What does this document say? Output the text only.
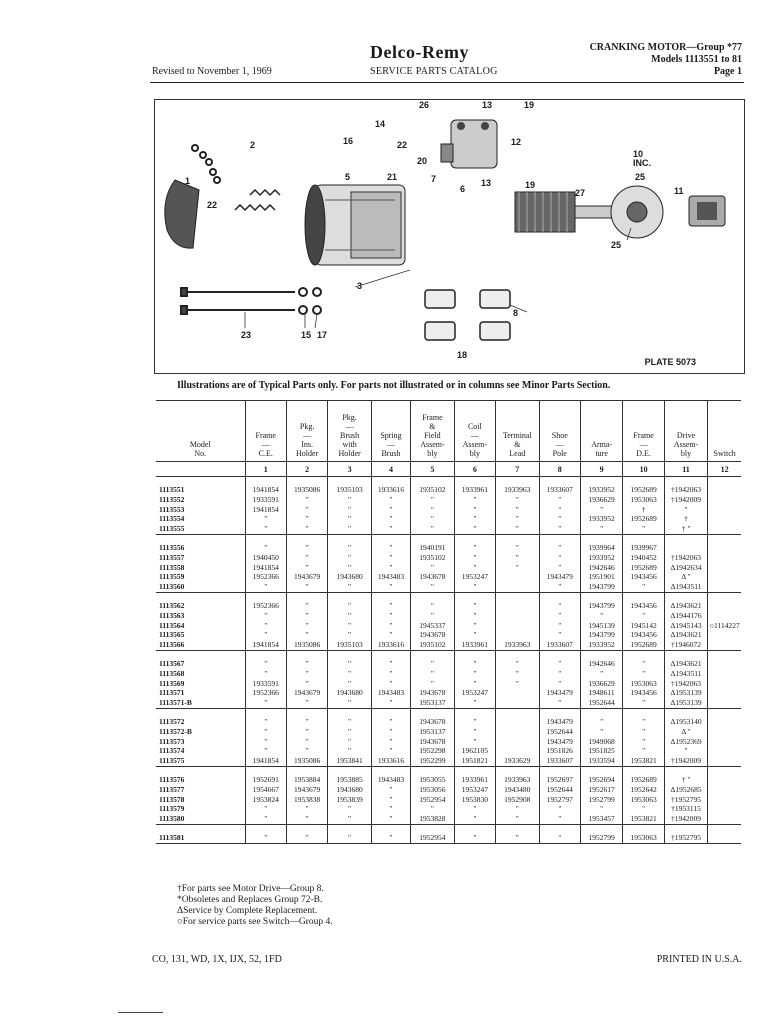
Revised to November 1, 1969
Delco-Remy
SERVICE PARTS CATALOG
CRANKING MOTOR—Group *77
Models 1113551 to 81
Page 1
1
2
3
23
5
6
7
8
10 INC.
11
12
13
13
14
15
16
17
18
19
19
20
21
22
22
25
25
26
27
PLATE 5073
Illustrations are of Typical Parts only. For parts not illustrated or in columns see Minor Parts Section.
Model
No.	Frame
—
C.E.	Pkg.
—
Ins.
Holder	Pkg.
—
Brush
with
Holder	Spring
—
Brush	Frame
&
Field
Assem-
bly	Coil
—
Assem-
bly	Terminal
&
Lead	Shoe
—
Pole	Arma-
ture	Frame
—
D.E.	Drive
Assem-
bly	Switch
	1	2	3	4	5	6	7	8	9	10	11	12

1113551	1941854	1935086	1935103	1933616	1935102	1933961	1933963	1933607	1933952	1952689	†1942063	
1113552	1933591	"	"	"	"	"	"	"	1936629	1953063	†1942009	
1113553	1941854	"	"	"	"	"	"	"	"	†	"	
1113554	"	"	"	"	"	"	"	"	1933952	1952689	†	
1113555	"	"	"	"	"	"	"	"	"	"	† "	

1113556	"	"	"	"	1940191	"	"	"	1939964	1939967		
1113557	1940450	"	"	"	1935102	"	"	"	1933952	1940452	†1942063	
1113558	1941854	"	"	"	"	"	"	"	1942646	1952689	Δ1942634	
1113559	1952366	1943679	1943680	1943483	1943678	1953247		1943479	1951901	1943456	Δ "	
1113560	"	"	"	"	"	"		"	1943799	"	Δ1943511	

1113562	1952366	"	"	"	"	"		"	1943799	1943456	Δ1943621	
1113563	"	"	"	"	"	"		"	"	"	Δ1944176	
1113564	"	"	"	"	1945337	"		"	1945139	1945142	Δ1945143	○1114227
1113565	"	"	"	"	1943678	"		"	1943799	1943456	Δ1943621	
1113566	1941854	1935086	1935103	1933616	1935102	1933961	1933963	1933607	1933952	1952689	†1946072	

1113567	"	"	"	"	"	"	"	"	1942646	"	Δ1943621	
1113568	"	"	"	"	"	"	"	"	"	"	Δ1943511	
1113569	1933591	"	"	"	"	"	"	"	1936629	1953063	†1942063	
1113571	1952366	1943679	1943680	1943483	1943678	1953247		1943479	1948611	1943456	Δ1953139	
1113571-B	"	"	"	"	1953137	"		"	1952644	"	Δ1953139	

1113572	"	"	"	"	1943678	"		1943479	"	"	Δ1953140	
1113572-B	"	"	"	"	1953137	"		1952644	"	"	Δ "	
1113573	"	"	"	"	1943678	"		1943479	1949068	"	Δ1952369	
1113574	"	"	"	"	1952298	1962105		1951826	1951825	"	"	
1113575	1941854	1935086	1953841	1933616	1952299	1951821	1933629	1933607	1933594	1953821	†1942009	

1113576	1952691	1953884	1953885	1943483	1953055	1933961	1933963	1952697	1952694	1952689	† "	
1113577	1954667	1943679	1943680	"	1953056	1953247	1943480	1952644	1952617	1952642	Δ1952685	
1113578	1953824	1953838	1953839	"	1952954	1953830	1952908	1952797	1952799	1953063	†1952795	
1113579	"	"	"	"	"	"	"	"	"	"	†1953115	
1113580	"	"	"	"	1953828	"	"	"	1953457	1953821	†1942009	

1113581	"	"	"	"	1952954	"	"	"	1952799	1953063	†1952795	
†For parts see Motor Drive—Group 8.
*Obsoletes and Replaces Group 72-B.
ΔService by Complete Replacement.
○For service parts see Switch—Group 4.
CO, 131, WD, 1X, IJX, 52, 1FD	PRINTED IN U.S.A.
